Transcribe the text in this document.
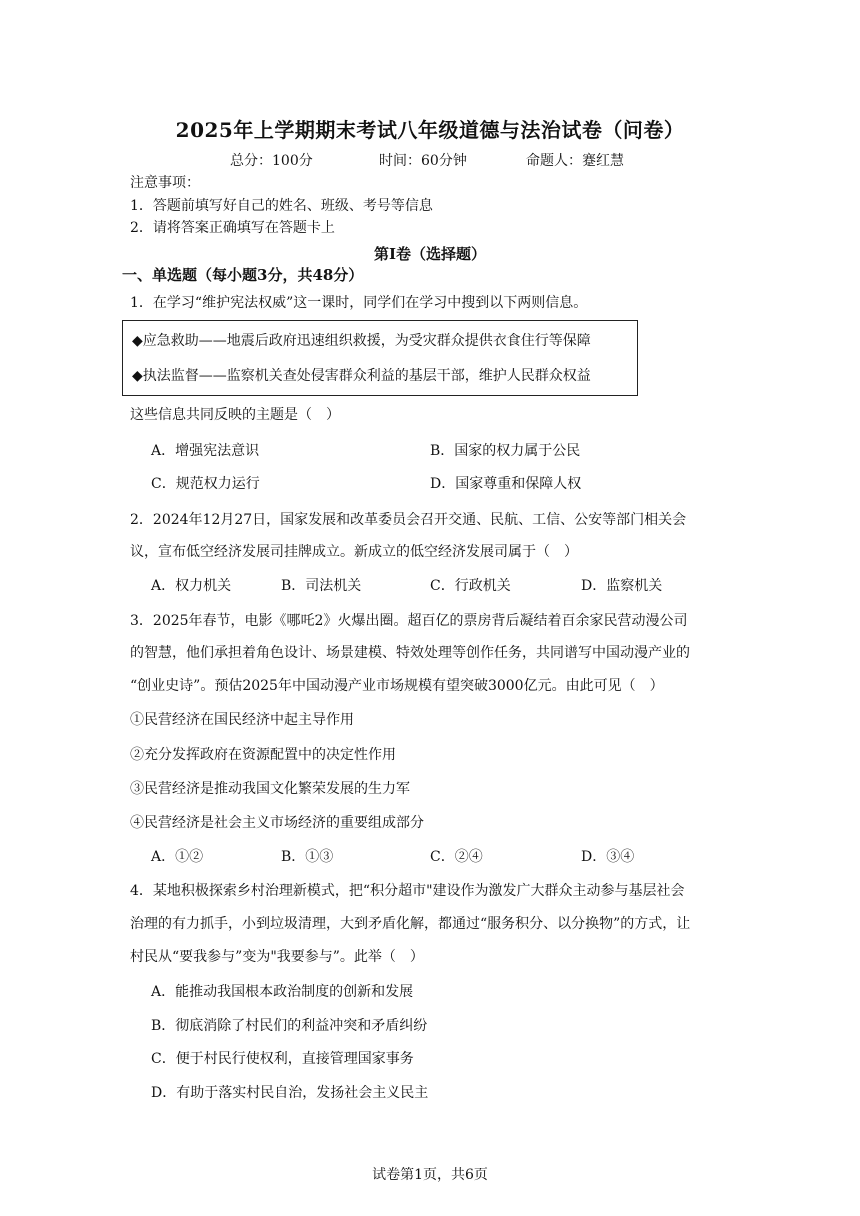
2025年上学期期末考试八年级道德与法治试卷（问卷）
总分：100分	时间：60分钟	命题人：蹇红慧
注意事项：
1．答题前填写好自己的姓名、班级、考号等信息
2．请将答案正确填写在答题卡上
第I卷（选择题）
一、单选题（每小题3分，共48分）
1．在学习“维护宪法权威”这一课时，同学们在学习中搜到以下两则信息。
◆应急救助——地震后政府迅速组织救援，为受灾群众提供衣食住行等保障
◆执法监督——监察机关查处侵害群众利益的基层干部，维护人民群众权益
这些信息共同反映的主题是（　）
A．增强宪法意识	B．国家的权力属于公民
C．规范权力运行	D．国家尊重和保障人权
2．2024年12月27日，国家发展和改革委员会召开交通、民航、工信、公安等部门相关会
议，宣布低空经济发展司挂牌成立。新成立的低空经济发展司属于（　）
A．权力机关	B．司法机关	C．行政机关	D．监察机关
3．2025年春节，电影《哪吒2》火爆出圈。超百亿的票房背后凝结着百余家民营动漫公司
的智慧，他们承担着角色设计、场景建模、特效处理等创作任务，共同谱写中国动漫产业的
“创业史诗”。预估2025年中国动漫产业市场规模有望突破3000亿元。由此可见（　）
①民营经济在国民经济中起主导作用
②充分发挥政府在资源配置中的决定性作用
③民营经济是推动我国文化繁荣发展的生力军
④民营经济是社会主义市场经济的重要组成部分
A．①②	B．①③	C．②④	D．③④
4．某地积极探索乡村治理新模式，把“积分超市"建设作为激发广大群众主动参与基层社会
治理的有力抓手，小到垃圾清理，大到矛盾化解，都通过“服务积分、以分换物”的方式，让
村民从“要我参与”变为"我要参与”。此举（　）
A．能推动我国根本政治制度的创新和发展
B．彻底消除了村民们的利益冲突和矛盾纠纷
C．便于村民行使权利，直接管理国家事务
D．有助于落实村民自治，发扬社会主义民主
试卷第1页，共6页
